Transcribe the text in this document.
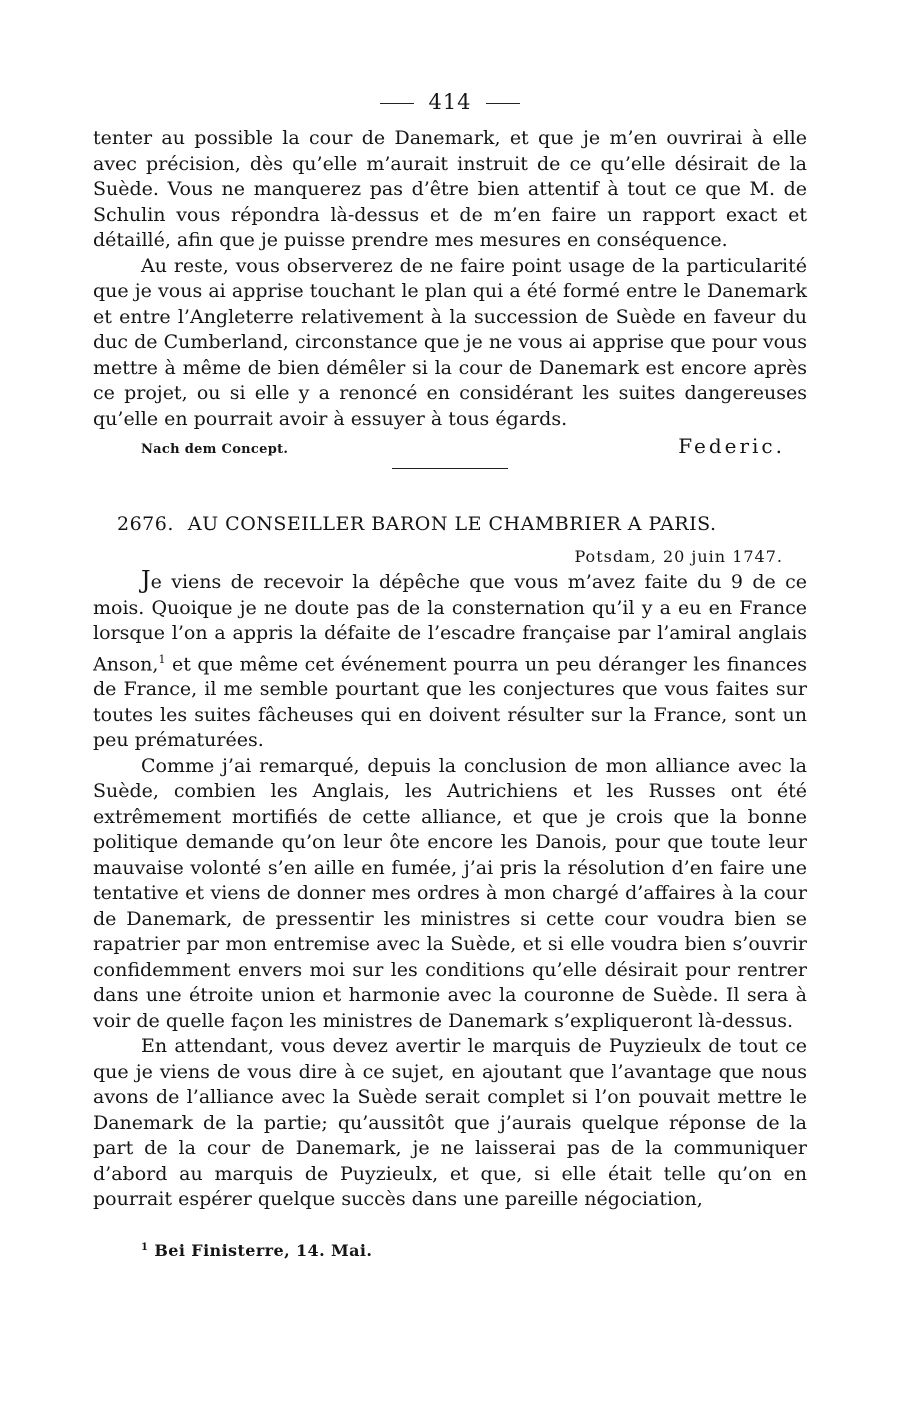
414

tenter au possible la cour de Danemark, et que je m’en ouvrirai à elle avec précision, dès qu’elle m’aurait instruit de ce qu’elle désirait de la Suède. Vous ne manquerez pas d’être bien attentif à tout ce que M. de Schulin vous répondra là-dessus et de m’en faire un rapport exact et détaillé, afin que je puisse prendre mes mesures en conséquence.

Au reste, vous observerez de ne faire point usage de la particularité que je vous ai apprise touchant le plan qui a été formé entre le Danemark et entre l’Angleterre relativement à la succession de Suède en faveur du duc de Cumberland, circonstance que je ne vous ai apprise que pour vous mettre à même de bien démêler si la cour de Danemark est encore après ce projet, ou si elle y a renoncé en considérant les suites dangereuses qu’elle en pourrait avoir à essuyer à tous égards.

Nach dem Concept.	Federic.
2676. AU CONSEILLER BARON LE CHAMBRIER A PARIS.
Potsdam, 20 juin 1747.

Je viens de recevoir la dépêche que vous m’avez faite du 9 de ce mois. Quoique je ne doute pas de la consternation qu’il y a eu en France lorsque l’on a appris la défaite de l’escadre française par l’amiral anglais Anson,$^1$ et que même cet événement pourra un peu déranger les finances de France, il me semble pourtant que les conjectures que vous faites sur toutes les suites fâcheuses qui en doivent résulter sur la France, sont un peu prématurées.

Comme j’ai remarqué, depuis la conclusion de mon alliance avec la Suède, combien les Anglais, les Autrichiens et les Russes ont été extrêmement mortifiés de cette alliance, et que je crois que la bonne politique demande qu’on leur ôte encore les Danois, pour que toute leur mauvaise volonté s’en aille en fumée, j’ai pris la résolution d’en faire une tentative et viens de donner mes ordres à mon chargé d’affaires à la cour de Danemark, de pressentir les ministres si cette cour voudra bien se rapatrier par mon entremise avec la Suède, et si elle voudra bien s’ouvrir confidemment envers moi sur les conditions qu’elle désirait pour rentrer dans une étroite union et harmonie avec la couronne de Suède. Il sera à voir de quelle façon les ministres de Danemark s’expliqueront là-dessus.

En attendant, vous devez avertir le marquis de Puyzieulx de tout ce que je viens de vous dire à ce sujet, en ajoutant que l’avantage que nous avons de l’alliance avec la Suède serait complet si l’on pouvait mettre le Danemark de la partie; qu’aussitôt que j’aurais quelque réponse de la part de la cour de Danemark, je ne laisserai pas de la communiquer d’abord au marquis de Puyzieulx, et que, si elle était telle qu’on en pourrait espérer quelque succès dans une pareille négociation,

$^1$ Bei Finisterre, 14. Mai.
